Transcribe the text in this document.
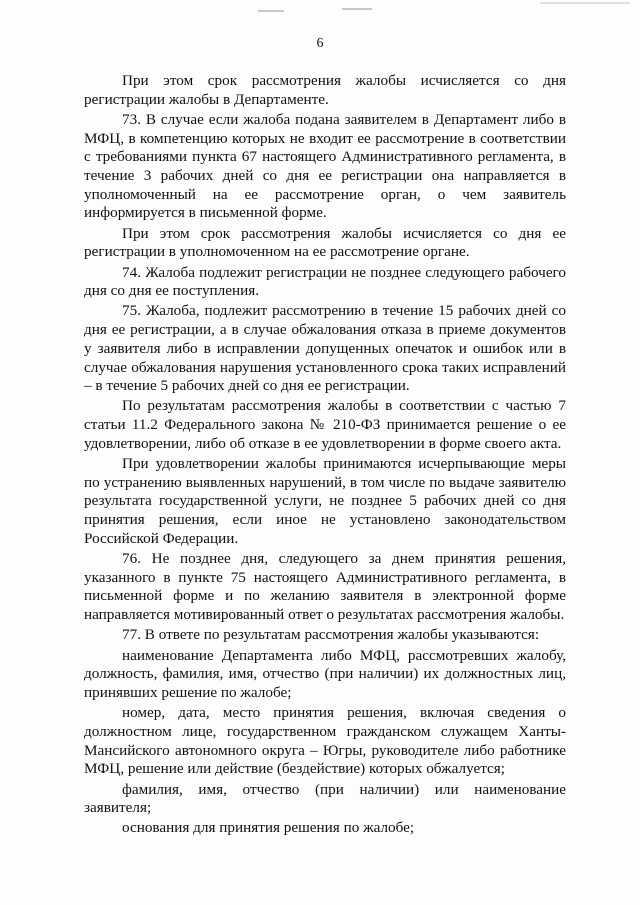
6

При этом срок рассмотрения жалобы исчисляется со дня регистрации жалобы в Департаменте.

73. В случае если жалоба подана заявителем в Департамент либо в МФЦ, в компетенцию которых не входит ее рассмотрение в соответствии с требованиями пункта 67 настоящего Административного регламента, в течение 3 рабочих дней со дня ее регистрации она направляется в уполномоченный на ее рассмотрение орган, о чем заявитель информируется в письменной форме.

При этом срок рассмотрения жалобы исчисляется со дня ее регистрации в уполномоченном на ее рассмотрение органе.

74. Жалоба подлежит регистрации не позднее следующего рабочего дня со дня ее поступления.

75. Жалоба, подлежит рассмотрению в течение 15 рабочих дней со дня ее регистрации, а в случае обжалования отказа в приеме документов у заявителя либо в исправлении допущенных опечаток и ошибок или в случае обжалования нарушения установленного срока таких исправлений – в течение 5 рабочих дней со дня ее регистрации.

По результатам рассмотрения жалобы в соответствии с частью 7 статьи 11.2 Федерального закона № 210-ФЗ принимается решение о ее удовлетворении, либо об отказе в ее удовлетворении в форме своего акта.

При удовлетворении жалобы принимаются исчерпывающие меры по устранению выявленных нарушений, в том числе по выдаче заявителю результата государственной услуги, не позднее 5 рабочих дней со дня принятия решения, если иное не установлено законодательством Российской Федерации.

76. Не позднее дня, следующего за днем принятия решения, указанного в пункте 75 настоящего Административного регламента, в письменной форме и по желанию заявителя в электронной форме направляется мотивированный ответ о результатах рассмотрения жалобы.

77. В ответе по результатам рассмотрения жалобы указываются:

наименование Департамента либо МФЦ, рассмотревших жалобу, должность, фамилия, имя, отчество (при наличии) их должностных лиц, принявших решение по жалобе;

номер, дата, место принятия решения, включая сведения о должностном лице, государственном гражданском служащем Ханты-Мансийского автономного округа – Югры, руководителе либо работнике МФЦ, решение или действие (бездействие) которых обжалуется;

фамилия, имя, отчество (при наличии) или наименование заявителя;

основания для принятия решения по жалобе;
